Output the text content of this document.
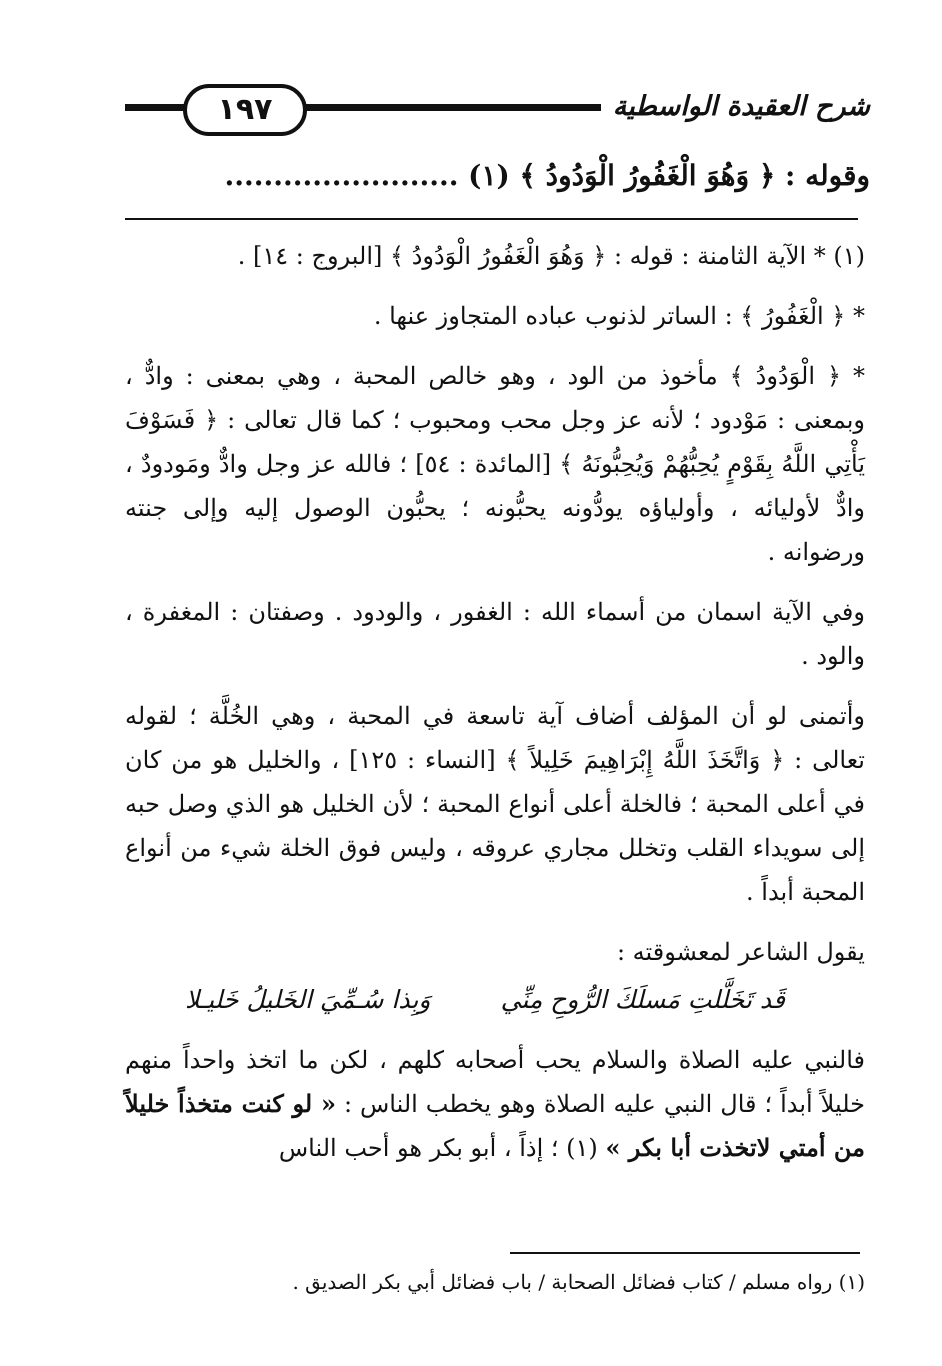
١٩٧	شرح العقيدة الواسطية
وقوله : ﴿ وَهُوَ الْغَفُورُ الْوَدُودُ ﴾ (١) ........................

(١) * الآية الثامنة : قوله : ﴿ وَهُوَ الْغَفُورُ الْوَدُودُ ﴾ [البروج : ١٤] .

* ﴿ الْغَفُورُ ﴾ : الساتر لذنوب عباده المتجاوز عنها .

* ﴿ الْوَدُودُ ﴾ مأخوذ من الود ، وهو خالص المحبة ، وهي بمعنى : وادٌّ ، وبمعنى : مَوْدود ؛ لأنه عز وجل محب ومحبوب ؛ كما قال تعالى : ﴿ فَسَوْفَ يَأْتِي اللَّهُ بِقَوْمٍ يُحِبُّهُمْ وَيُحِبُّونَهُ ﴾ [المائدة : ٥٤] ؛ فالله عز وجل وادٌّ ومَودودٌ ، وادٌّ لأوليائه ، وأولياؤه يودُّونه يحبُّونه ؛ يحبُّون الوصول إليه وإلى جنته ورضوانه .

وفي الآية اسمان من أسماء الله : الغفور ، والودود . وصفتان : المغفرة ، والود .

وأتمنى لو أن المؤلف أضاف آية تاسعة في المحبة ، وهي الخُلَّة ؛ لقوله تعالى : ﴿ وَاتَّخَذَ اللَّهُ إِبْرَاهِيمَ خَلِيلاً ﴾ [النساء : ١٢٥] ، والخليل هو من كان في أعلى المحبة ؛ فالخلة أعلى أنواع المحبة ؛ لأن الخليل هو الذي وصل حبه إلى سويداء القلب وتخلل مجاري عروقه ، وليس فوق الخلة شيء من أنواع المحبة أبداً .

يقول الشاعر لمعشوقته :

قَد تَخَلَّلتِ مَسلَكَ الرُّوحِ مِنِّي
وَبِذا سُـمِّيَ الخَليلُ خَليـلا

فالنبي عليه الصلاة والسلام يحب أصحابه كلهم ، لكن ما اتخذ واحداً منهم خليلاً أبداً ؛ قال النبي عليه الصلاة وهو يخطب الناس : « لو كنت متخذاً خليلاً من أمتي لاتخذت أبا بكر » (١) ؛ إذاً ، أبو بكر هو أحب الناس

(١) رواه مسلم / كتاب فضائل الصحابة / باب فضائل أبي بكر الصديق .
